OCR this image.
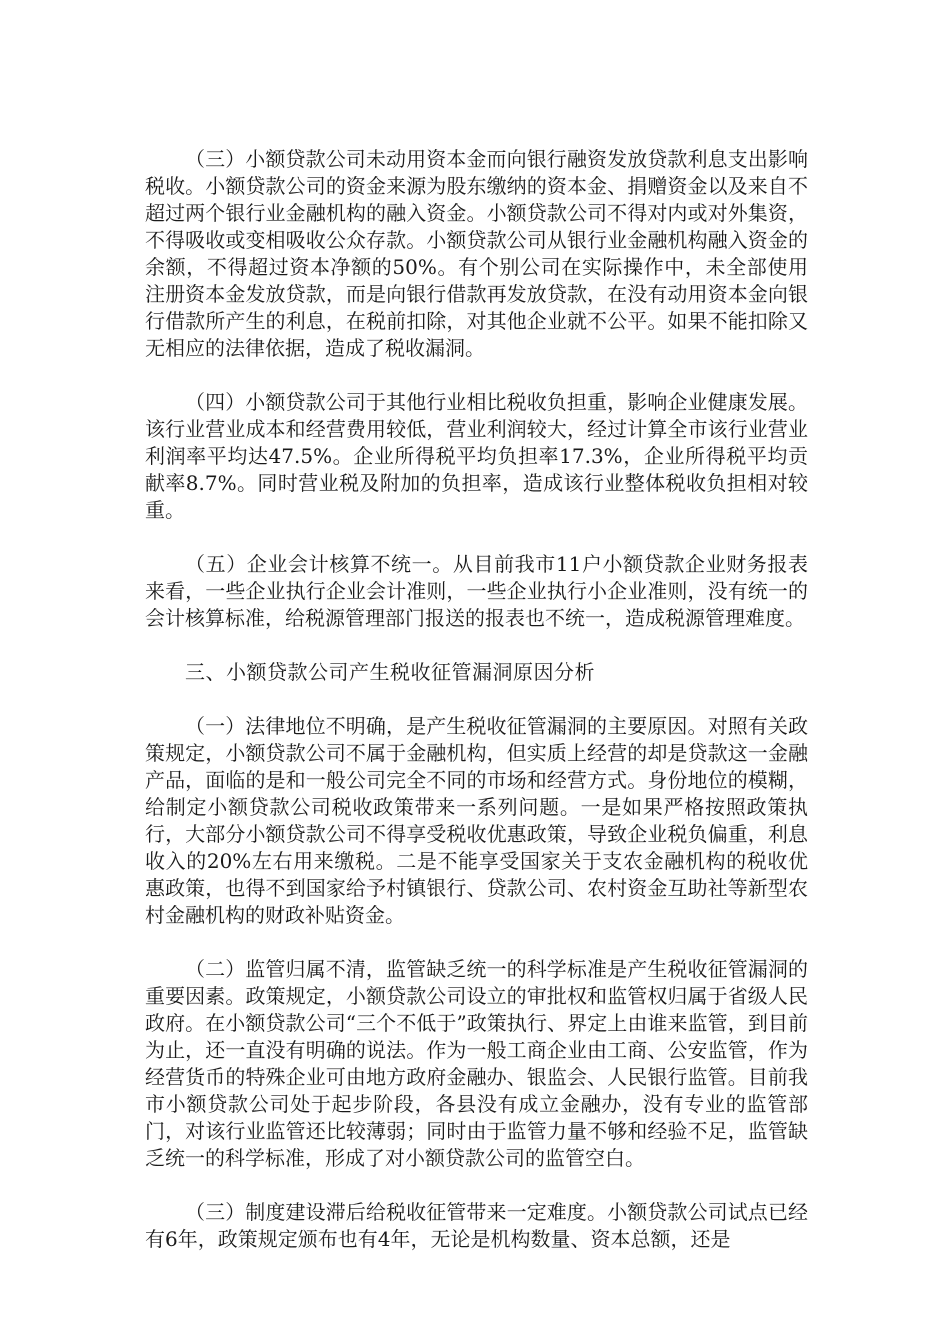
（三）小额贷款公司未动用资本金而向银行融资发放贷款利息支出影响税收。小额贷款公司的资金来源为股东缴纳的资本金、捐赠资金以及来自不超过两个银行业金融机构的融入资金。小额贷款公司不得对内或对外集资，不得吸收或变相吸收公众存款。小额贷款公司从银行业金融机构融入资金的余额，不得超过资本净额的50%。有个别公司在实际操作中，未全部使用注册资本金发放贷款，而是向银行借款再发放贷款，在没有动用资本金向银行借款所产生的利息，在税前扣除，对其他企业就不公平。如果不能扣除又无相应的法律依据，造成了税收漏洞。

（四）小额贷款公司于其他行业相比税收负担重，影响企业健康发展。该行业营业成本和经营费用较低，营业利润较大，经过计算全市该行业营业利润率平均达47.5%。企业所得税平均负担率17.3%，企业所得税平均贡献率8.7%。同时营业税及附加的负担率，造成该行业整体税收负担相对较重。

（五）企业会计核算不统一。从目前我市11户小额贷款企业财务报表来看，一些企业执行企业会计准则，一些企业执行小企业准则，没有统一的会计核算标准，给税源管理部门报送的报表也不统一，造成税源管理难度。

三、小额贷款公司产生税收征管漏洞原因分析

（一）法律地位不明确，是产生税收征管漏洞的主要原因。对照有关政策规定，小额贷款公司不属于金融机构，但实质上经营的却是贷款这一金融产品，面临的是和一般公司完全不同的市场和经营方式。身份地位的模糊，给制定小额贷款公司税收政策带来一系列问题。一是如果严格按照政策执行，大部分小额贷款公司不得享受税收优惠政策，导致企业税负偏重，利息收入的20%左右用来缴税。二是不能享受国家关于支农金融机构的税收优惠政策，也得不到国家给予村镇银行、贷款公司、农村资金互助社等新型农村金融机构的财政补贴资金。

（二）监管归属不清，监管缺乏统一的科学标准是产生税收征管漏洞的重要因素。政策规定，小额贷款公司设立的审批权和监管权归属于省级人民政府。在小额贷款公司“三个不低于”政策执行、界定上由谁来监管，到目前为止，还一直没有明确的说法。作为一般工商企业由工商、公安监管，作为经营货币的特殊企业可由地方政府金融办、银监会、人民银行监管。目前我市小额贷款公司处于起步阶段，各县没有成立金融办，没有专业的监管部门，对该行业监管还比较薄弱；同时由于监管力量不够和经验不足，监管缺乏统一的科学标准，形成了对小额贷款公司的监管空白。

（三）制度建设滞后给税收征管带来一定难度。小额贷款公司试点已经有6年，政策规定颁布也有4年，无论是机构数量、资本总额，还是
